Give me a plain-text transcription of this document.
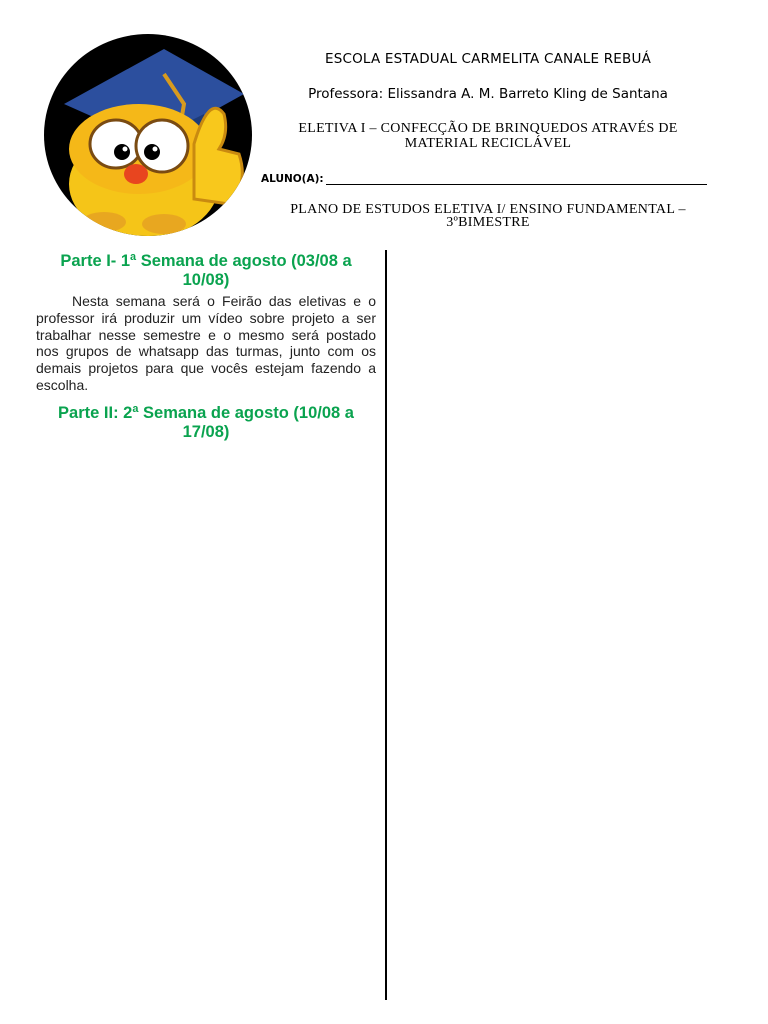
ESCOLA ESTADUAL CARMELITA CANALE REBUÁ
Professora: Elissandra A. M. Barreto Kling de Santana
ELETIVA I – CONFECÇÃO DE BRINQUEDOS ATRAVÉS DE MATERIAL RECICLÁVEL
ALUNO(A):
PLANO DE ESTUDOS ELETIVA I/ ENSINO FUNDAMENTAL – 3ºBIMESTRE
Parte I- 1ª Semana de agosto (03/08 a 10/08)

Nesta semana será o Feirão das eletivas e o professor irá produzir um vídeo sobre projeto a ser trabalhar nesse semestre e o mesmo será postado nos grupos de whatsapp das turmas, junto com os demais projetos para que vocês estejam fazendo a escolha.

Parte II: 2ª Semana de agosto (10/08 a 17/08)
